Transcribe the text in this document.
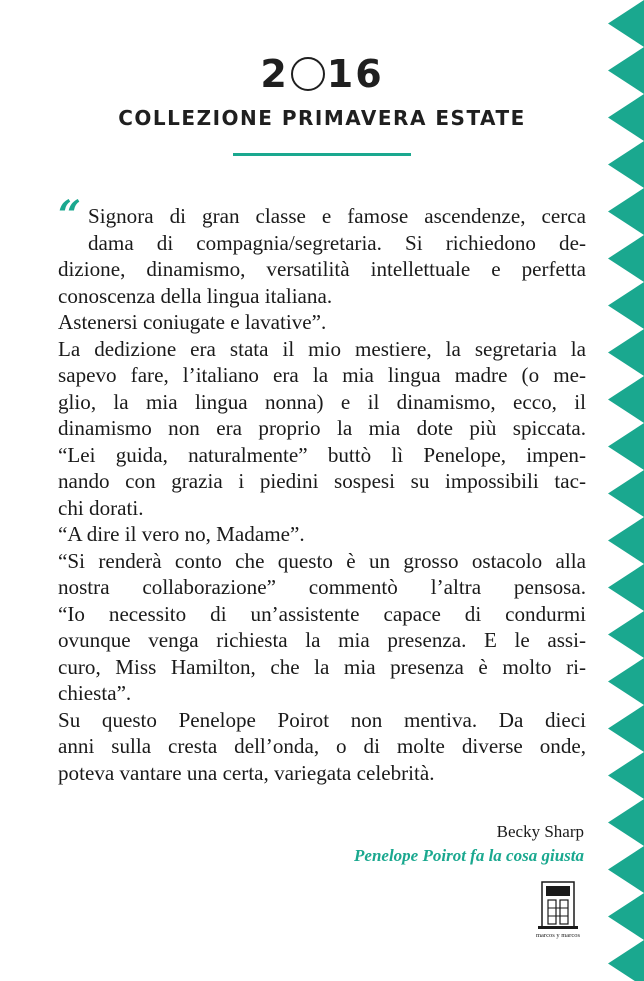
2 16
COLLEZIONE PRIMAVERA ESTATE
“ Signora di gran classe e famose ascendenze, cerca
dama di compagnia/segretaria. Si richiedono de-
dizione, dinamismo, versatilità intellettuale e perfetta
conoscenza della lingua italiana.
Astenersi coniugate e lavative”.
La dedizione era stata il mio mestiere, la segretaria la
sapevo fare, l’italiano era la mia lingua madre (o me-
glio, la mia lingua nonna) e il dinamismo, ecco, il
dinamismo non era proprio la mia dote più spiccata.
“Lei guida, naturalmente” buttò lì Penelope, impen-
nando con grazia i piedini sospesi su impossibili tac-
chi dorati.
“A dire il vero no, Madame”.
“Si renderà conto che questo è un grosso ostacolo alla
nostra collaborazione” commentò l’altra pensosa.
“Io necessito di un’assistente capace di condurmi
ovunque venga richiesta la mia presenza. E le assi-
curo, Miss Hamilton, che la mia presenza è molto ri-
chiesta”.
Su questo Penelope Poirot non mentiva. Da dieci
anni sulla cresta dell’onda, o di molte diverse onde,
poteva vantare una certa, variegata celebrità.
Becky Sharp
Penelope Poirot fa la cosa giusta
marcos y marcos
